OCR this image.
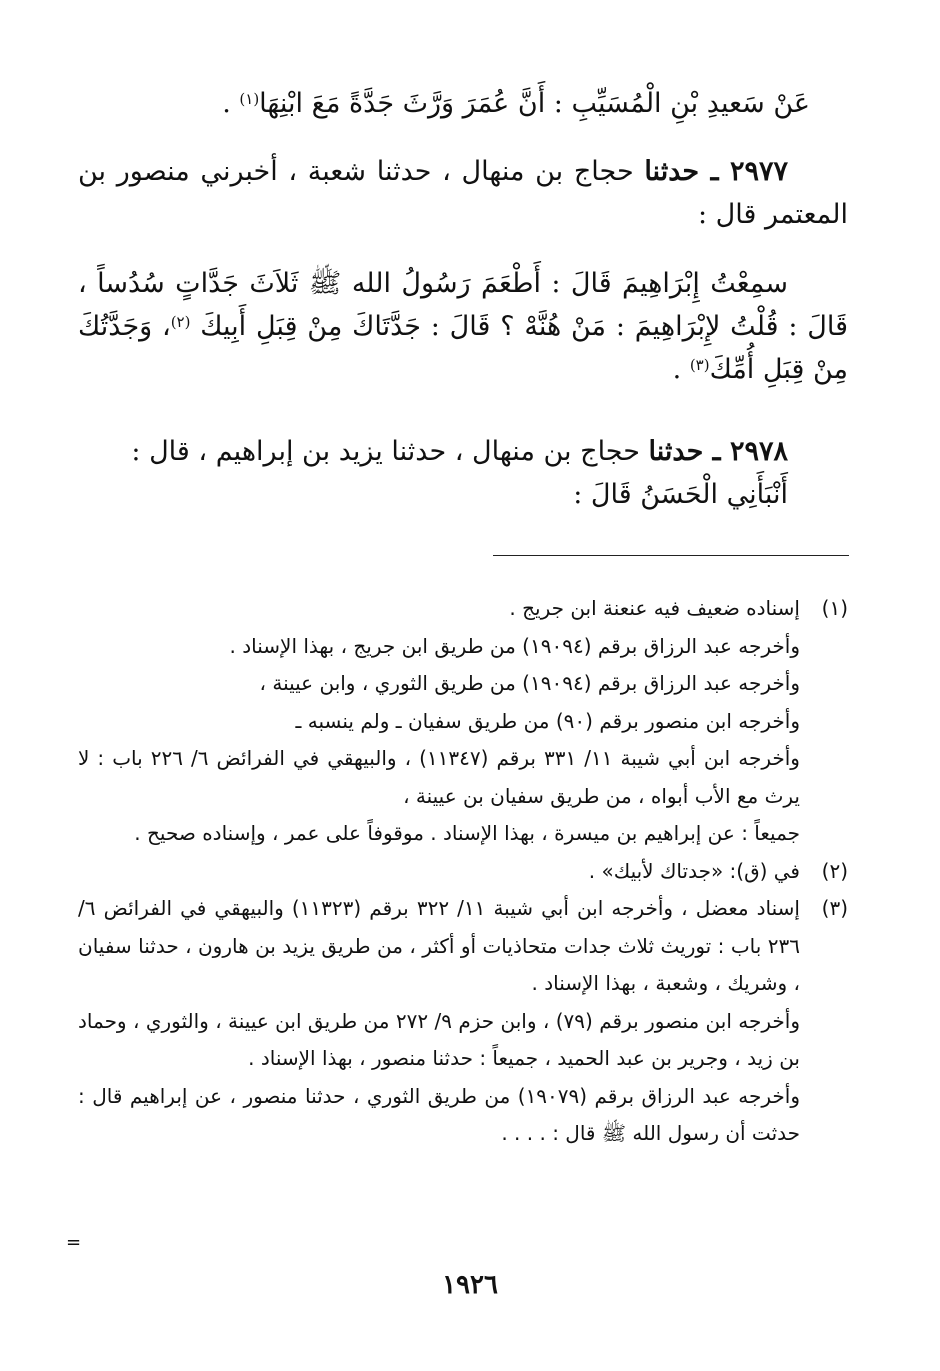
عَنْ سَعيدِ بْنِ الْمُسَيِّبِ : أَنَّ عُمَرَ وَرَّثَ جَدَّةً مَعَ ابْنِهَا$^{(١)}$ .

٢٩٧٧ ـ حدثنا حجاج بن منهال ، حدثنا شعبة ، أخبرني منصور بن المعتمر قال :

سمِعْتُ إِبْرَاهِيمَ قَالَ : أَطْعَمَ رَسُولُ الله ﷺ ثَلاَثَ جَدَّاتٍ سُدُساً ، قَالَ : قُلْتُ لإِبْرَاهِيمَ : مَنْ هُنَّهْ ؟ قَالَ : جَدَّتَاكَ مِنْ قِبَلِ أَبِيكَ $^{(٢)}$، وَجَدَّتُكَ مِنْ قِبَلِ أُمِّكَ$^{(٣)}$ .

٢٩٧٨ ـ حدثنا حجاج بن منهال ، حدثنا يزيد بن إبراهيم ، قال :

أَنْبَأَنِي الْحَسَنُ قَالَ :

(١)

إسناده ضعيف فيه عنعنة ابن جريج .

وأخرجه عبد الرزاق برقم (١٩٠٩٤) من طريق ابن جريج ، بهذا الإسناد .

وأخرجه عبد الرزاق برقم (١٩٠٩٤) من طريق الثوري ، وابن عيينة ،

وأخرجه ابن منصور برقم (٩٠) من طريق سفيان ـ ولم ينسبه ـ

وأخرجه ابن أبي شيبة ١١/ ٣٣١ برقم (١١٣٤٧) ، والبيهقي في الفرائض ٦/ ٢٢٦ باب : لا يرث مع الأب أبواه ، من طريق سفيان بن عيينة ،

جميعاً : عن إبراهيم بن ميسرة ، بهذا الإسناد . موقوفاً على عمر ، وإسناده صحيح .

(٢)

في (ق): «جدتاك لأبيك» .

(٣)

إسناد معضل ، وأخرجه ابن أبي شيبة ١١/ ٣٢٢ برقم (١١٣٢٣) والبيهقي في الفرائض ٦/ ٢٣٦ باب : توريث ثلاث جدات متحاذيات أو أكثر ، من طريق يزيد بن هارون ، حدثنا سفيان ، وشريك ، وشعبة ، بهذا الإسناد .

وأخرجه ابن منصور برقم (٧٩) ، وابن حزم ٩/ ٢٧٢ من طريق ابن عيينة ، والثوري ، وحماد بن زيد ، وجرير بن عبد الحميد ، جميعاً : حدثنا منصور ، بهذا الإسناد .

وأخرجه عبد الرزاق برقم (١٩٠٧٩) من طريق الثوري ، حدثنا منصور ، عن إبراهيم قال : حدثت أن رسول الله ﷺ قال : . . . .

=
١٩٢٦
